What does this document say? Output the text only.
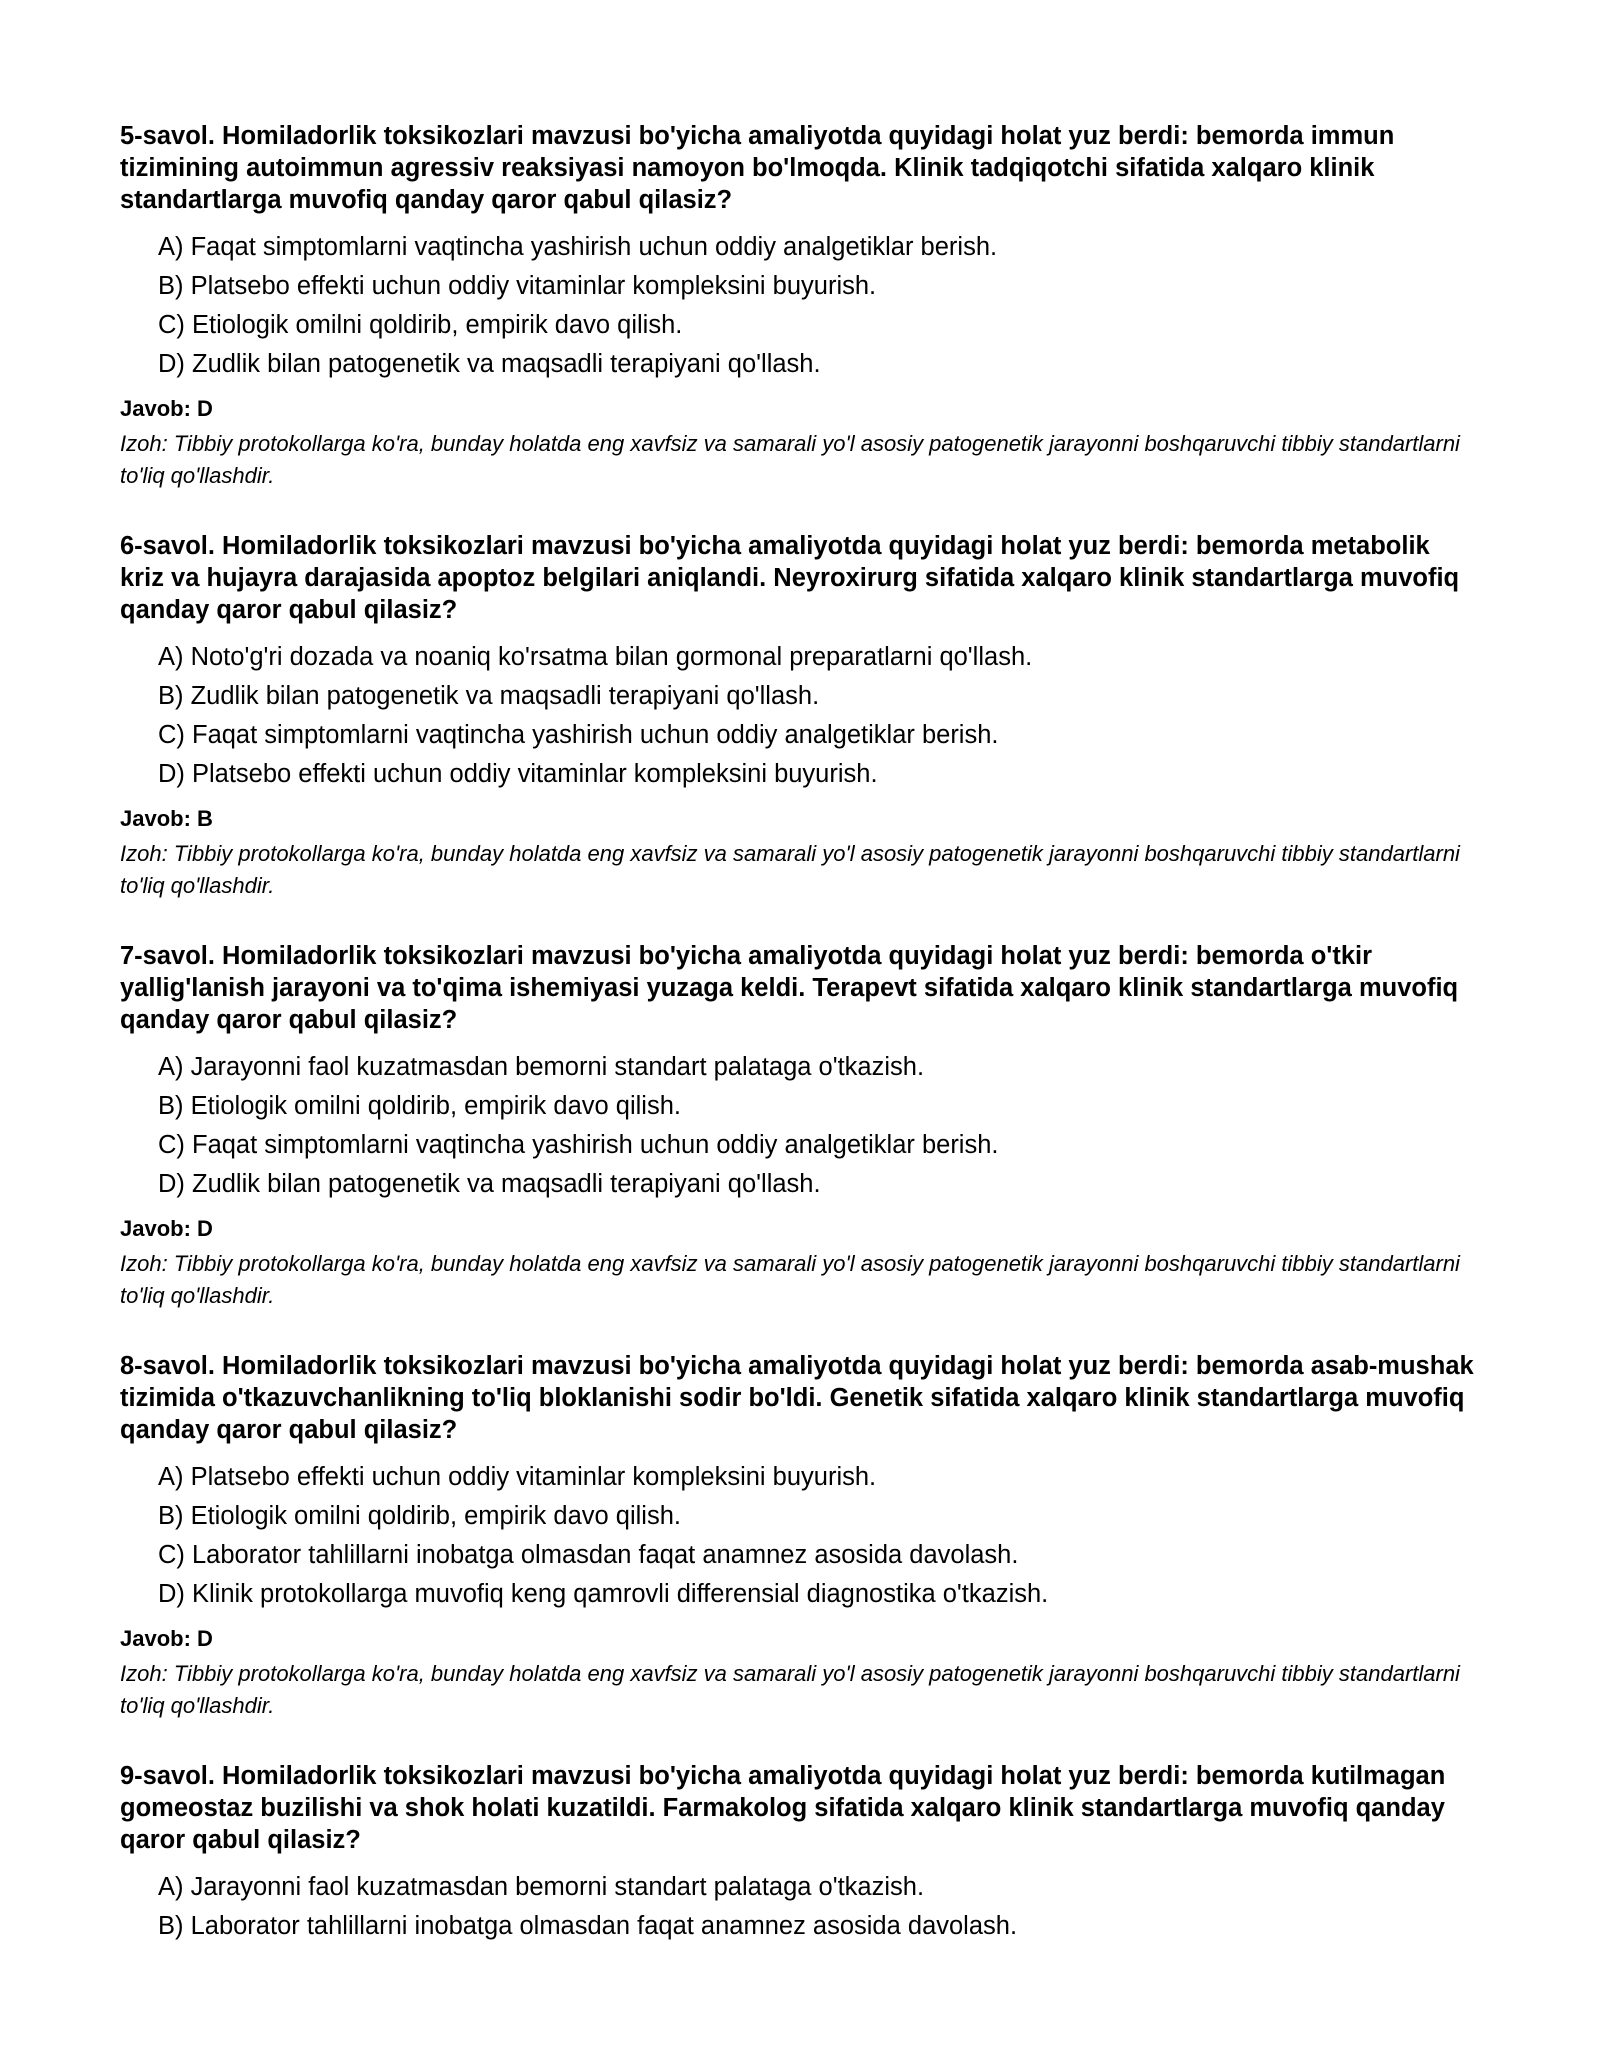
5-savol. Homiladorlik toksikozlari mavzusi bo'yicha amaliyotda quyidagi holat yuz berdi: bemorda immun tizimining autoimmun agressiv reaksiyasi namoyon bo'lmoqda. Klinik tadqiqotchi sifatida xalqaro klinik standartlarga muvofiq qanday qaror qabul qilasiz?
A) Faqat simptomlarni vaqtincha yashirish uchun oddiy analgetiklar berish.
B) Platsebo effekti uchun oddiy vitaminlar kompleksini buyurish.
C) Etiologik omilni qoldirib, empirik davo qilish.
D) Zudlik bilan patogenetik va maqsadli terapiyani qo'llash.
Javob: D
Izoh: Tibbiy protokollarga ko'ra, bunday holatda eng xavfsiz va samarali yo'l asosiy patogenetik jarayonni boshqaruvchi tibbiy standartlarni to'liq qo'llashdir.
6-savol. Homiladorlik toksikozlari mavzusi bo'yicha amaliyotda quyidagi holat yuz berdi: bemorda metabolik kriz va hujayra darajasida apoptoz belgilari aniqlandi. Neyroxirurg sifatida xalqaro klinik standartlarga muvofiq qanday qaror qabul qilasiz?
A) Noto'g'ri dozada va noaniq ko'rsatma bilan gormonal preparatlarni qo'llash.
B) Zudlik bilan patogenetik va maqsadli terapiyani qo'llash.
C) Faqat simptomlarni vaqtincha yashirish uchun oddiy analgetiklar berish.
D) Platsebo effekti uchun oddiy vitaminlar kompleksini buyurish.
Javob: B
Izoh: Tibbiy protokollarga ko'ra, bunday holatda eng xavfsiz va samarali yo'l asosiy patogenetik jarayonni boshqaruvchi tibbiy standartlarni to'liq qo'llashdir.
7-savol. Homiladorlik toksikozlari mavzusi bo'yicha amaliyotda quyidagi holat yuz berdi: bemorda o'tkir yallig'lanish jarayoni va to'qima ishemiyasi yuzaga keldi. Terapevt sifatida xalqaro klinik standartlarga muvofiq qanday qaror qabul qilasiz?
A) Jarayonni faol kuzatmasdan bemorni standart palataga o'tkazish.
B) Etiologik omilni qoldirib, empirik davo qilish.
C) Faqat simptomlarni vaqtincha yashirish uchun oddiy analgetiklar berish.
D) Zudlik bilan patogenetik va maqsadli terapiyani qo'llash.
Javob: D
Izoh: Tibbiy protokollarga ko'ra, bunday holatda eng xavfsiz va samarali yo'l asosiy patogenetik jarayonni boshqaruvchi tibbiy standartlarni to'liq qo'llashdir.
8-savol. Homiladorlik toksikozlari mavzusi bo'yicha amaliyotda quyidagi holat yuz berdi: bemorda asab-mushak tizimida o'tkazuvchanlikning to'liq bloklanishi sodir bo'ldi. Genetik sifatida xalqaro klinik standartlarga muvofiq qanday qaror qabul qilasiz?
A) Platsebo effekti uchun oddiy vitaminlar kompleksini buyurish.
B) Etiologik omilni qoldirib, empirik davo qilish.
C) Laborator tahlillarni inobatga olmasdan faqat anamnez asosida davolash.
D) Klinik protokollarga muvofiq keng qamrovli differensial diagnostika o'tkazish.
Javob: D
Izoh: Tibbiy protokollarga ko'ra, bunday holatda eng xavfsiz va samarali yo'l asosiy patogenetik jarayonni boshqaruvchi tibbiy standartlarni to'liq qo'llashdir.
9-savol. Homiladorlik toksikozlari mavzusi bo'yicha amaliyotda quyidagi holat yuz berdi: bemorda kutilmagan gomeostaz buzilishi va shok holati kuzatildi. Farmakolog sifatida xalqaro klinik standartlarga muvofiq qanday qaror qabul qilasiz?
A) Jarayonni faol kuzatmasdan bemorni standart palataga o'tkazish.
B) Laborator tahlillarni inobatga olmasdan faqat anamnez asosida davolash.
